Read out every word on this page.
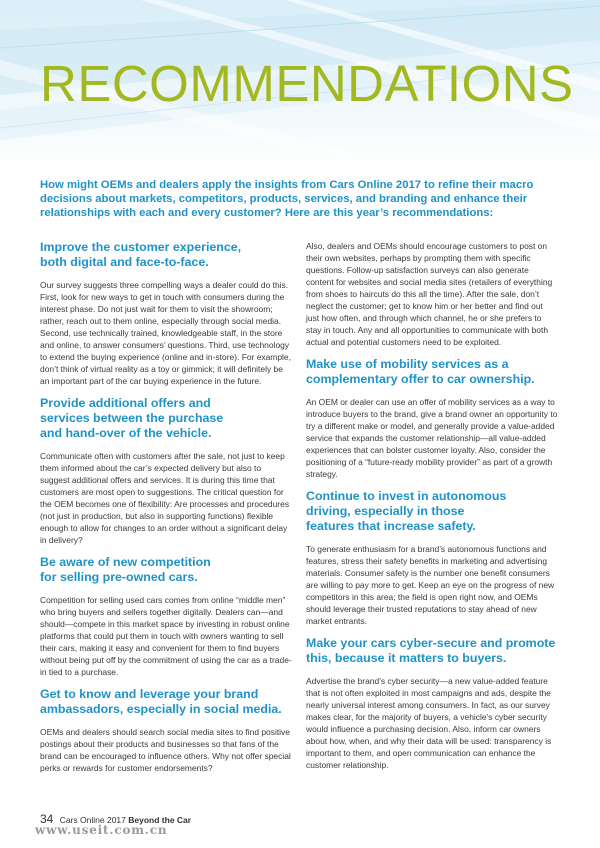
RECOMMENDATIONS
How might OEMs and dealers apply the insights from Cars Online 2017 to refine their macro decisions about markets, competitors, products, services, and branding and enhance their relationships with each and every customer? Here are this year’s recommendations:
Improve the customer experience,
both digital and face-to-face.
Our survey suggests three compelling ways a dealer could do this. First, look for new ways to get in touch with consumers during the interest phase. Do not just wait for them to visit the showroom; rather, reach out to them online, especially through social media. Second, use technically trained, knowledgeable staff, in the store and online, to answer consumers’ questions. Third, use technology to extend the buying experience (online and in-store). For example, don’t think of virtual reality as a toy or gimmick; it will definitely be an important part of the car buying experience in the future.
Provide additional offers and
services between the purchase
and hand-over of the vehicle.
Communicate often with customers after the sale, not just to keep them informed about the car’s expected delivery but also to suggest additional offers and services. It is during this time that customers are most open to suggestions. The critical question for the OEM becomes one of flexibility: Are processes and procedures (not just in production, but also in supporting functions) flexible enough to allow for changes to an order without a significant delay in delivery?
Be aware of new competition
for selling pre-owned cars.
Competition for selling used cars comes from online “middle men” who bring buyers and sellers together digitally. Dealers can—and should—compete in this market space by investing in robust online platforms that could put them in touch with owners wanting to sell their cars, making it easy and convenient for them to find buyers without being put off by the commitment of using the car as a trade-in tied to a purchase.
Get to know and leverage your brand
ambassadors, especially in social media.
OEMs and dealers should search social media sites to find positive postings about their products and businesses so that fans of the brand can be encouraged to influence others. Why not offer special perks or rewards for customer endorsements?
Also, dealers and OEMs should encourage customers to post on their own websites, perhaps by prompting them with specific questions. Follow-up satisfaction surveys can also generate content for websites and social media sites (retailers of everything from shoes to haircuts do this all the time). After the sale, don’t neglect the customer; get to know him or her better and find out just how often, and through which channel, he or she prefers to stay in touch. Any and all opportunities to communicate with both actual and potential customers need to be exploited.
Make use of mobility services as a
complementary offer to car ownership.
An OEM or dealer can use an offer of mobility services as a way to introduce buyers to the brand, give a brand owner an opportunity to try a different make or model, and generally provide a value-added service that expands the customer relationship—all value-added experiences that can bolster customer loyalty. Also, consider the positioning of a “future-ready mobility provider” as part of a growth strategy.
Continue to invest in autonomous
driving, especially in those
features that increase safety.
To generate enthusiasm for a brand’s autonomous functions and features, stress their safety benefits in marketing and advertising materials. Consumer safety is the number one benefit consumers are willing to pay more to get. Keep an eye on the progress of new competitors in this area; the field is open right now, and OEMs should leverage their trusted reputations to stay ahead of new market entrants.
Make your cars cyber-secure and promote
this, because it matters to buyers.
Advertise the brand’s cyber security—a new value-added feature that is not often exploited in most campaigns and ads, despite the nearly universal interest among consumers. In fact, as our survey makes clear, for the majority of buyers, a vehicle’s cyber security would influence a purchasing decision. Also, inform car owners about how, when, and why their data will be used: transparency is important to them, and open communication can enhance the customer relationship.
34 Cars Online 2017 Beyond the Car
www.useit.com.cn
